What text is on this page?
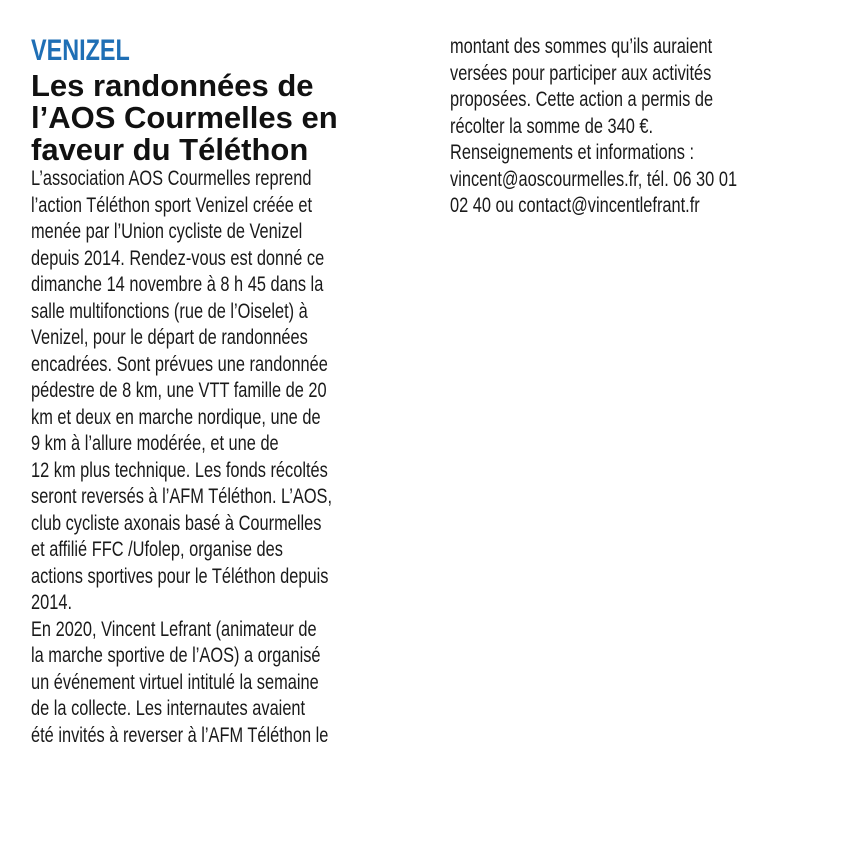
VENIZEL
Les randonnées de
l’AOS Courmelles en
faveur du Téléthon

L’association AOS Courmelles reprend
l’action Téléthon sport Venizel créée et
menée par l’Union cycliste de Venizel
depuis 2014. Rendez-vous est donné ce
dimanche 14 novembre à 8 h 45 dans la
salle multifonctions (rue de l’Oiselet) à
Venizel, pour le départ de randonnées
encadrées. Sont prévues une randonnée
pédestre de 8 km, une VTT famille de 20
km et deux en marche nordique, une de
9 km à l’allure modérée, et une de
12 km plus technique. Les fonds récoltés
seront reversés à l’AFM Téléthon. L’AOS,
club cycliste axonais basé à Courmelles
et affilié FFC /Ufolep, organise des
actions sportives pour le Téléthon depuis
2014.

En 2020, Vincent Lefrant (animateur de
la marche sportive de l’AOS) a organisé
un événement virtuel intitulé la semaine
de la collecte. Les internautes avaient
été invités à reverser à l’AFM Téléthon le

montant des sommes qu’ils auraient
versées pour participer aux activités
proposées. Cette action a permis de
récolter la somme de 340 €.
Renseignements et informations :
vincent@aoscourmelles.fr, tél. 06 30 01
02 40 ou contact@vincentlefrant.fr
